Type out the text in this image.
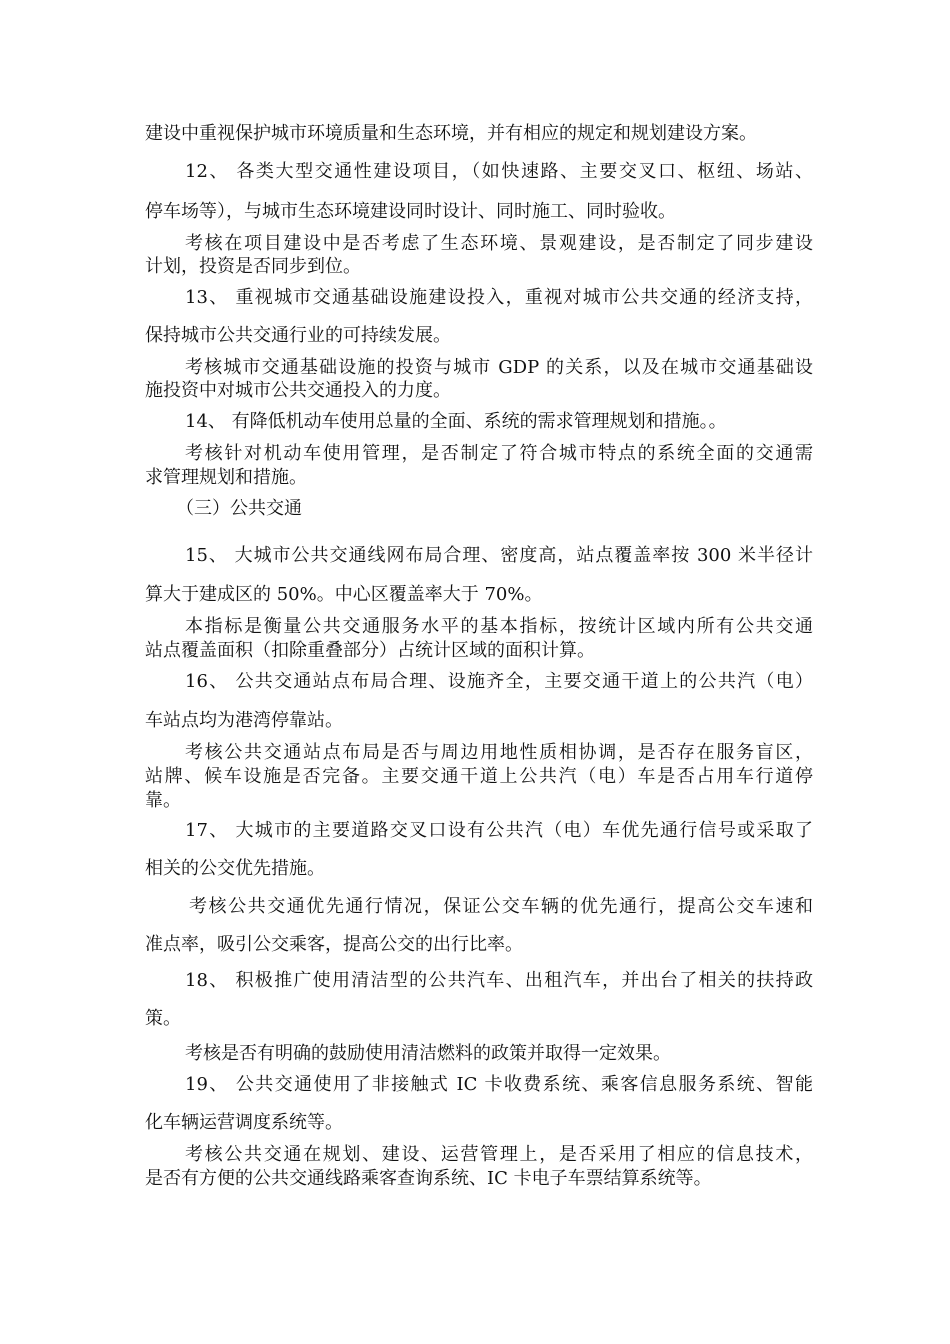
建设中重视保护城市环境质量和生态环境，并有相应的规定和规划建设方案。

12、 各类大型交通性建设项目，（如快速路、主要交叉口、枢纽、场站、

停车场等），与城市生态环境建设同时设计、同时施工、同时验收。

考核在项目建设中是否考虑了生态环境、景观建设，是否制定了同步建设

计划，投资是否同步到位。

13、 重视城市交通基础设施建设投入，重视对城市公共交通的经济支持，

保持城市公共交通行业的可持续发展。

考核城市交通基础设施的投资与城市 GDP 的关系，以及在城市交通基础设

施投资中对城市公共交通投入的力度。

14、 有降低机动车使用总量的全面、系统的需求管理规划和措施。。

考核针对机动车使用管理，是否制定了符合城市特点的系统全面的交通需

求管理规划和措施。

（三）公共交通

15、 大城市公共交通线网布局合理、密度高，站点覆盖率按 300 米半径计

算大于建成区的 50%。中心区覆盖率大于 70%。

本指标是衡量公共交通服务水平的基本指标，按统计区域内所有公共交通

站点覆盖面积（扣除重叠部分）占统计区域的面积计算。

16、 公共交通站点布局合理、设施齐全，主要交通干道上的公共汽（电）

车站点均为港湾停靠站。

考核公共交通站点布局是否与周边用地性质相协调，是否存在服务盲区，

站牌、候车设施是否完备。主要交通干道上公共汽（电）车是否占用车行道停

靠。

17、 大城市的主要道路交叉口设有公共汽（电）车优先通行信号或采取了

相关的公交优先措施。

考核公共交通优先通行情况，保证公交车辆的优先通行，提高公交车速和

准点率，吸引公交乘客，提高公交的出行比率。

18、 积极推广使用清洁型的公共汽车、出租汽车，并出台了相关的扶持政

策。

考核是否有明确的鼓励使用清洁燃料的政策并取得一定效果。

19、 公共交通使用了非接触式 IC 卡收费系统、乘客信息服务系统、智能

化车辆运营调度系统等。

考核公共交通在规划、建设、运营管理上，是否采用了相应的信息技术，

是否有方便的公共交通线路乘客查询系统、IC 卡电子车票结算系统等。
